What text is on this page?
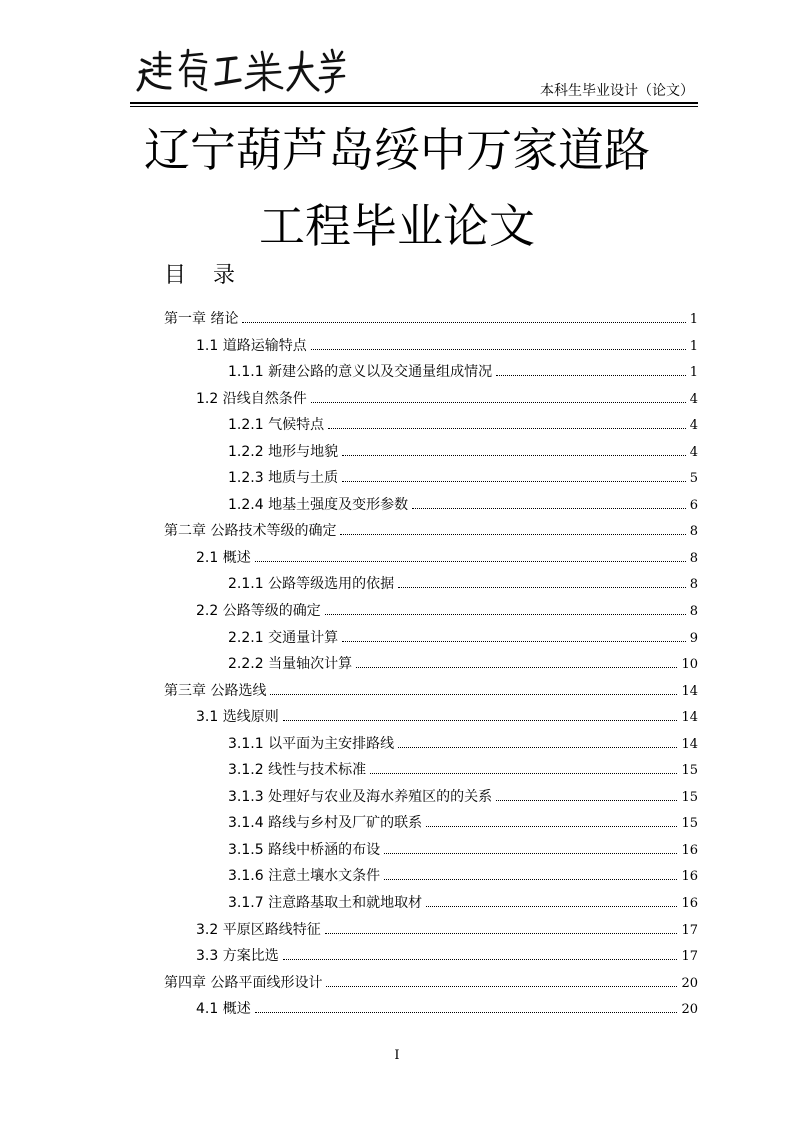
本科生毕业设计（论文）
辽宁葫芦岛绥中万家道路
工程毕业论文
目 录
第一章 绪论	1
1.1 道路运输特点	1
1.1.1 新建公路的意义以及交通量组成情况	1
1.2 沿线自然条件	4
1.2.1 气候特点	4
1.2.2 地形与地貌	4
1.2.3 地质与土质	5
1.2.4 地基土强度及变形参数	6
第二章 公路技术等级的确定	8
2.1 概述	8
2.1.1 公路等级选用的依据	8
2.2 公路等级的确定	8
2.2.1 交通量计算	9
2.2.2 当量轴次计算	10
第三章 公路选线	14
3.1 选线原则	14
3.1.1 以平面为主安排路线	14
3.1.2 线性与技术标准	15
3.1.3 处理好与农业及海水养殖区的的关系	15
3.1.4 路线与乡村及厂矿的联系	15
3.1.5 路线中桥涵的布设	16
3.1.6 注意土壤水文条件	16
3.1.7 注意路基取土和就地取材	16
3.2 平原区路线特征	17
3.3 方案比选	17
第四章 公路平面线形设计	20
4.1 概述	20
I
